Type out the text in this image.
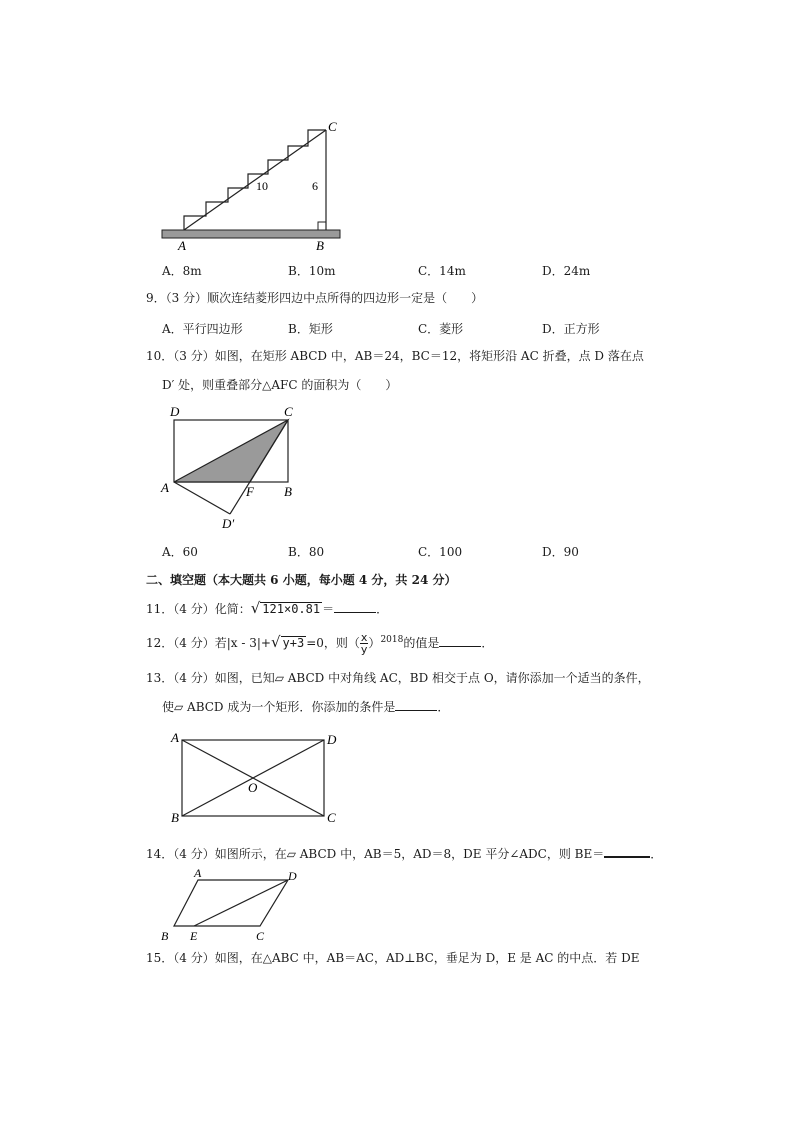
A	B
C
10	6
A．8m	B．10m	C．14m	D．24m
9．（3 分）顺次连结菱形四边中点所得的四边形一定是（　　）
A．平行四边形	B．矩形	C．菱形	D．正方形
10．（3 分）如图，在矩形 ABCD 中，AB＝24，BC＝12，将矩形沿 AC 折叠，点 D 落在点
D′ 处，则重叠部分△AFC 的面积为（　　）
D	C
A	F B
D′
A．60	B．80	C．100	D．90
二、填空题（本大题共 6 小题，每小题 4 分，共 24 分）
11．（4 分）化简：√ 121×0.81 ＝	．
12．（4 分）若|x - 3|+√ y+3 =0，则（ $\frac{x}{y} )^{2018}$的值是	．
13．（4 分）如图，已知▱ ABCD 中对角线 AC，BD 相交于点 O，请你添加一个适当的条件，
使▱ ABCD 成为一个矩形．你添加的条件是	．
A	D
B	C
O
14．（4 分）如图所示，在▱ ABCD 中，AB＝5，AD＝8，DE 平分∠ADC，则 BE＝	．
A	D
B E	C
15．（4 分）如图，在△ABC 中，AB＝AC，AD⊥BC，垂足为 D，E 是 AC 的中点．若 DE
